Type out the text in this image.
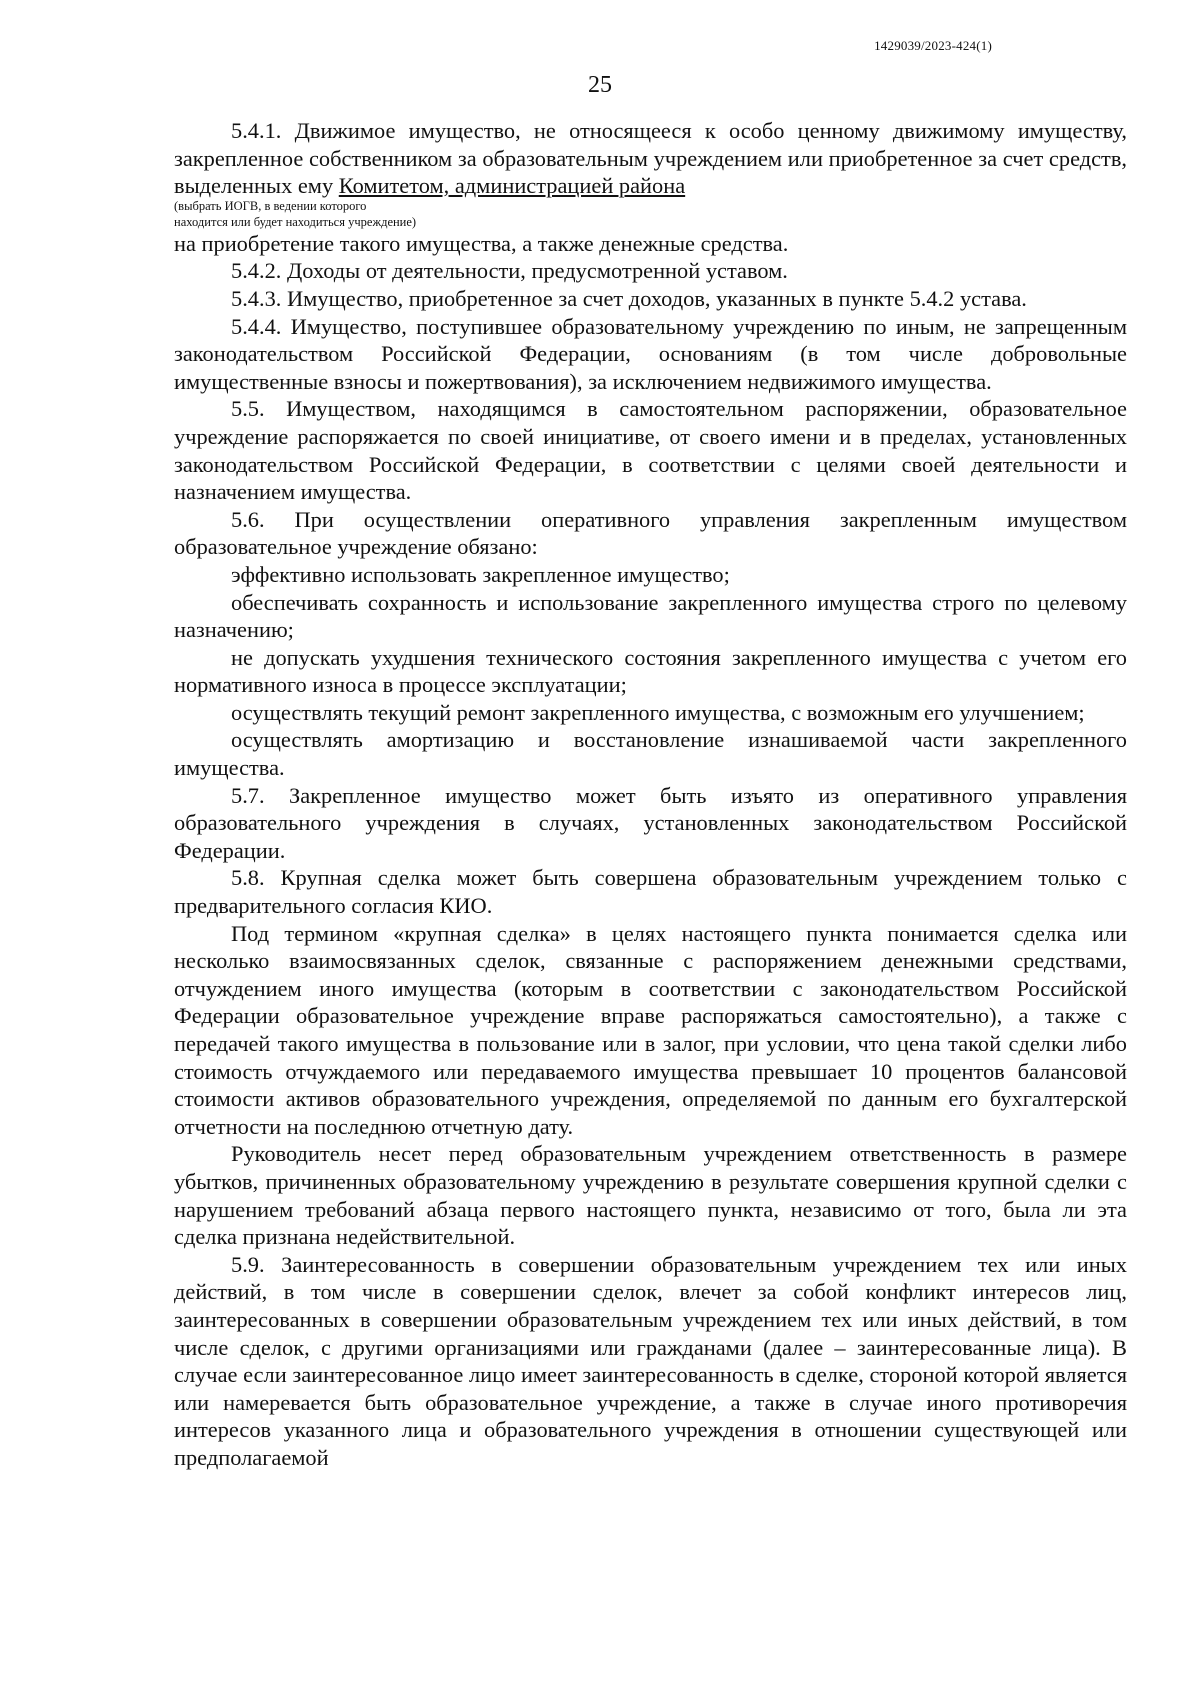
1429039/2023-424(1)
25

5.4.1. Движимое имущество, не относящееся к особо ценному движимому имуществу, закрепленное собственником за образовательным учреждением или приобретенное за счет средств, выделенных ему Комитетом, администрацией района

(выбрать ИОГВ, в ведении которого
находится или будет находиться учреждение)

на приобретение такого имущества, а также денежные средства.

5.4.2. Доходы от деятельности, предусмотренной уставом.

5.4.3. Имущество, приобретенное за счет доходов, указанных в пункте 5.4.2 устава.

5.4.4. Имущество, поступившее образовательному учреждению по иным, не запрещенным законодательством Российской Федерации, основаниям (в том числе добровольные имущественные взносы и пожертвования), за исключением недвижимого имущества.

5.5. Имуществом, находящимся в самостоятельном распоряжении, образовательное учреждение распоряжается по своей инициативе, от своего имени и в пределах, установленных законодательством Российской Федерации, в соответствии с целями своей деятельности и назначением имущества.

5.6. При осуществлении оперативного управления закрепленным имуществом образовательное учреждение обязано:

эффективно использовать закрепленное имущество;

обеспечивать сохранность и использование закрепленного имущества строго по целевому назначению;

не допускать ухудшения технического состояния закрепленного имущества с учетом его нормативного износа в процессе эксплуатации;

осуществлять текущий ремонт закрепленного имущества, с возможным его улучшением;

осуществлять амортизацию и восстановление изнашиваемой части закрепленного имущества.

5.7. Закрепленное имущество может быть изъято из оперативного управления образовательного учреждения в случаях, установленных законодательством Российской Федерации.

5.8. Крупная сделка может быть совершена образовательным учреждением только с предварительного согласия КИО.

Под термином «крупная сделка» в целях настоящего пункта понимается сделка или несколько взаимосвязанных сделок, связанные с распоряжением денежными средствами, отчуждением иного имущества (которым в соответствии с законодательством Российской Федерации образовательное учреждение вправе распоряжаться самостоятельно), а также с передачей такого имущества в пользование или в залог, при условии, что цена такой сделки либо стоимость отчуждаемого или передаваемого имущества превышает 10 процентов балансовой стоимости активов образовательного учреждения, определяемой по данным его бухгалтерской отчетности на последнюю отчетную дату.

Руководитель несет перед образовательным учреждением ответственность в размере убытков, причиненных образовательному учреждению в результате совершения крупной сделки с нарушением требований абзаца первого настоящего пункта, независимо от того, была ли эта сделка признана недействительной.

5.9. Заинтересованность в совершении образовательным учреждением тех или иных действий, в том числе в совершении сделок, влечет за собой конфликт интересов лиц, заинтересованных в совершении образовательным учреждением тех или иных действий, в том числе сделок, с другими организациями или гражданами (далее – заинтересованные лица). В случае если заинтересованное лицо имеет заинтересованность в сделке, стороной которой является или намеревается быть образовательное учреждение, а также в случае иного противоречия интересов указанного лица и образовательного учреждения в отношении существующей или предполагаемой
